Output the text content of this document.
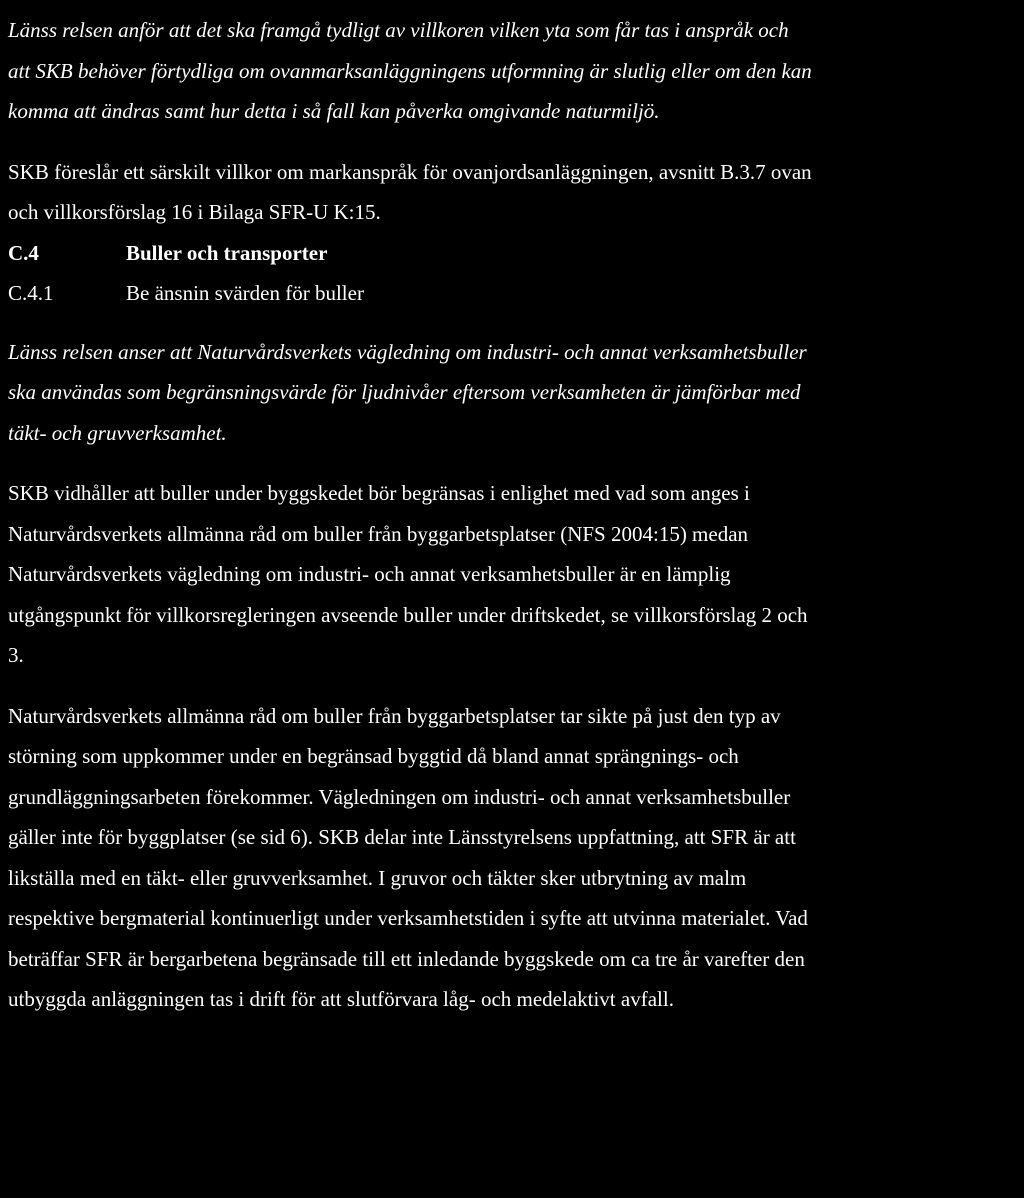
Länss relsen anför att det ska framgå tydligt av villkoren vilken yta som får tas i anspråk och
att SKB behöver förtydliga om ovanmarksanläggningens utformning är slutlig eller om den kan
komma att ändras samt hur detta i så fall kan påverka omgivande naturmiljö.

SKB föreslår ett särskilt villkor om markanspråk för ovanjordsanläggningen, avsnitt B.3.7 ovan
och villkorsförslag 16 i Bilaga SFR-U K:15.

C.4	Buller och transporter
C.4.1	Be änsnin svärden för buller

Länss relsen anser att Naturvårdsverkets vägledning om industri- och annat verksamhetsbuller
ska användas som begränsningsvärde för ljudnivåer eftersom verksamheten är jämförbar med
täkt- och gruvverksamhet.

SKB vidhåller att buller under byggskedet bör begränsas i enlighet med vad som anges i
Naturvårdsverkets allmänna råd om buller från byggarbetsplatser (NFS 2004:15) medan
Naturvårdsverkets vägledning om industri- och annat verksamhetsbuller är en lämplig
utgångspunkt för villkorsregleringen avseende buller under driftskedet, se villkorsförslag 2 och
3.

Naturvårdsverkets allmänna råd om buller från byggarbetsplatser tar sikte på just den typ av
störning som uppkommer under en begränsad byggtid då bland annat sprängnings- och
grundläggningsarbeten förekommer. Vägledningen om industri- och annat verksamhetsbuller
gäller inte för byggplatser (se sid 6). SKB delar inte Länsstyrelsens uppfattning, att SFR är att
likställa med en täkt- eller gruvverksamhet. I gruvor och täkter sker utbrytning av malm
respektive bergmaterial kontinuerligt under verksamhetstiden i syfte att utvinna materialet. Vad
beträffar SFR är bergarbetena begränsade till ett inledande byggskede om ca tre år varefter den
utbyggda anläggningen tas i drift för att slutförvara låg- och medelaktivt avfall.
